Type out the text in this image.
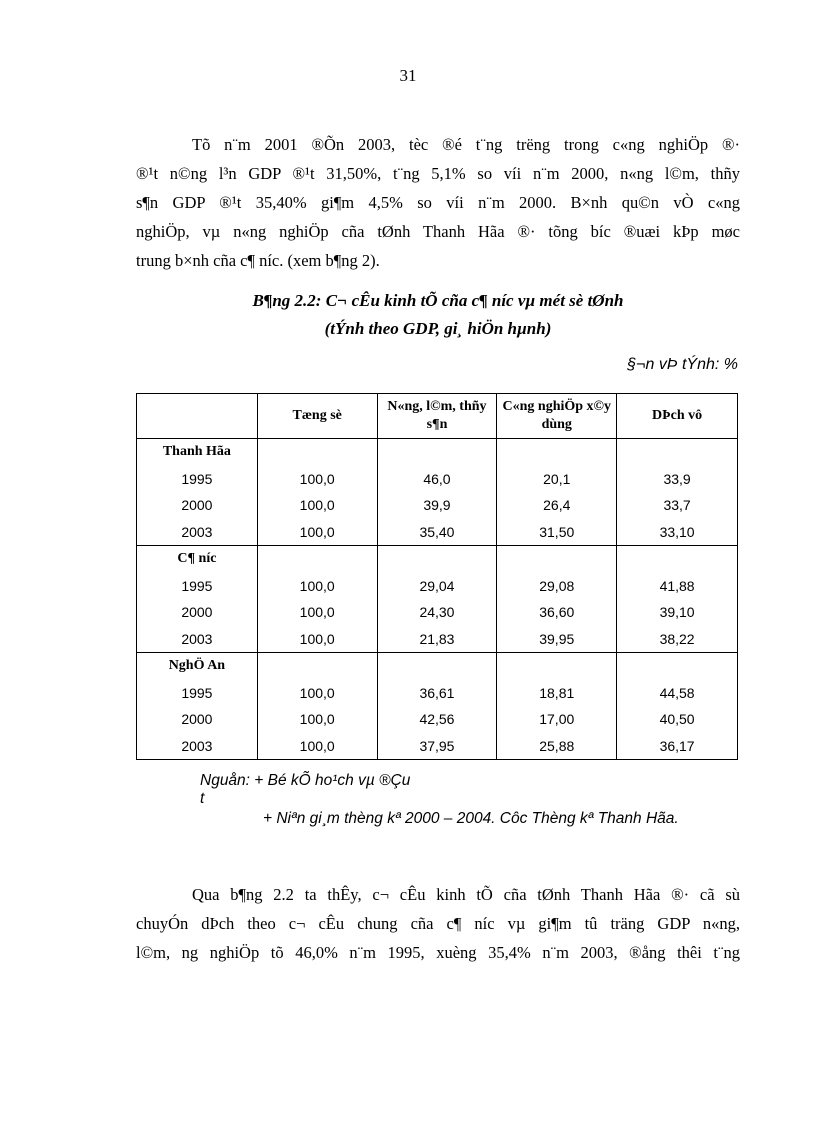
31
Tõ n¨m 2001 ®Õn 2003, tèc ®é t¨ng trëng trong c«ng nghiÖp ®·
®¹t n©ng l³n GDP ®¹t 31,50%, t¨ng 5,1% so víi n¨m 2000, n«ng l©m, thñy
s¶n GDP ®¹t 35,40% gi¶m 4,5% so víi n¨m 2000. B×nh qu©n vÒ c«ng
nghiÖp, vµ n«ng nghiÖp cña tØnh Thanh Hãa ®· tõng bíc ®uæi kÞp møc
trung b×nh cña c¶ níc. (xem b¶ng 2).
B¶ng 2.2: C¬ cÊu kinh tÕ cña c¶ níc vµ mét sè tØnh
(tÝnh theo GDP, gi¸ hiÖn hµnh)
§¬n vÞ tÝnh: %
	Tæng sè	N«ng, l©m, thñy s¶n	C«ng nghiÖp x©y dùng	DÞch vô
Thanh Hãa				
1995	100,0	46,0	20,1	33,9
2000	100,0	39,9	26,4	33,7
2003	100,0	35,40	31,50	33,10
C¶ níc				
1995	100,0	29,04	29,08	41,88
2000	100,0	24,30	36,60	39,10
2003	100,0	21,83	39,95	38,22
NghÖ An				
1995	100,0	36,61	18,81	44,58
2000	100,0	42,56	17,00	40,50
2003	100,0	37,95	25,88	36,17
Nguån: + Bé kÕ ho¹ch vµ ®Çu t
+ Niªn gi¸m thèng kª 2000 – 2004. Côc Thèng kª Thanh Hãa.
Qua b¶ng 2.2 ta thÊy, c¬ cÊu kinh tÕ cña tØnh Thanh Hãa ®· cã sù
chuyÓn dÞch theo c¬ cÊu chung cña c¶ níc vµ gi¶m tû träng GDP n«ng,
l©m, ng nghiÖp tõ 46,0% n¨m 1995, xuèng 35,4% n¨m 2003, ®ång thêi t¨ng
